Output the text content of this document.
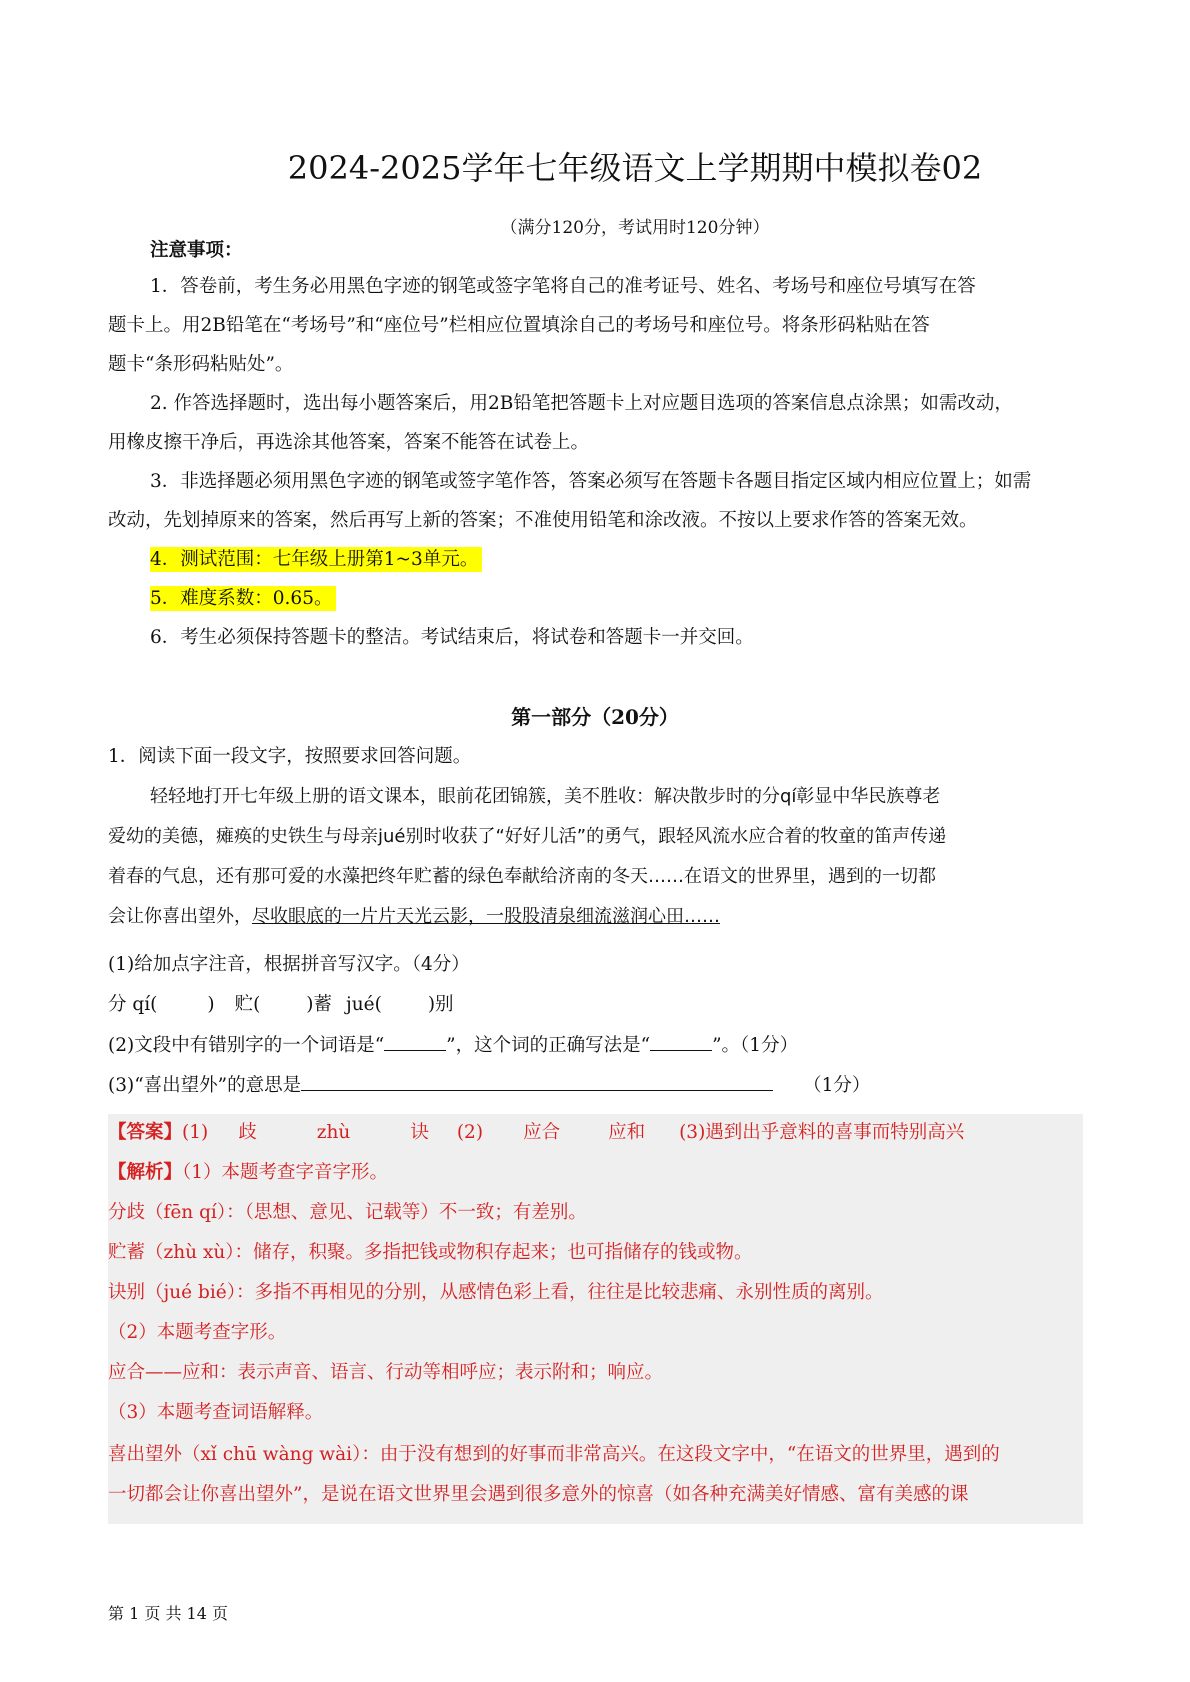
2024-2025学年七年级语文上学期期中模拟卷02
（满分120分，考试用时120分钟）
注意事项：
1．答卷前，考生务必用黑色字迹的钢笔或签字笔将自己的准考证号、姓名、考场号和座位号填写在答
题卡上。用2B铅笔在“考场号”和“座位号”栏相应位置填涂自己的考场号和座位号。将条形码粘贴在答
题卡“条形码粘贴处”。
2. 作答选择题时，选出每小题答案后，用2B铅笔把答题卡上对应题目选项的答案信息点涂黑；如需改动，
用橡皮擦干净后，再选涂其他答案，答案不能答在试卷上。
3．非选择题必须用黑色字迹的钢笔或签字笔作答，答案必须写在答题卡各题目指定区域内相应位置上；如需
改动，先划掉原来的答案，然后再写上新的答案；不准使用铅笔和涂改液。不按以上要求作答的答案无效。
4．测试范围：七年级上册第1~3单元。
5．难度系数：0.65。
6．考生必须保持答题卡的整洁。考试结束后，将试卷和答题卡一并交回。
第一部分（20分）
1．阅读下面一段文字，按照要求回答问题。
轻轻地打开七年级上册的语文课本，眼前花团锦簇，美不胜收：解决散步时的分qí彰显中华民族尊老
爱幼的美德，瘫痪的史铁生与母亲jué别时收获了“好好儿活”的勇气，跟轻风流水应合着的牧童的笛声传递
着春的气息，还有那可爱的水藻把终年贮蓄的绿色奉献给济南的冬天……在语文的世界里，遇到的一切都
会让你喜出望外，尽收眼底的一片片天光云影，一股股清泉细流滋润心田……
(1)给加点字注音，根据拼音写汉字。（4分）
分 qí(	) 贮( )蓄 jué( )别
(2)文段中有错别字的一个词语是“	”，这个词的正确写法是“	”。（1分）
(3)“喜出望外”的意思是	（1分）
【答案】(1) 歧	zhù	诀 (2) 应合	应和 (3)遇到出乎意料的喜事而特别高兴
【解析】（1）本题考查字音字形。
分歧（fēn qí）：（思想、意见、记载等）不一致；有差别。
贮蓄（zhù xù）：储存，积聚。多指把钱或物积存起来；也可指储存的钱或物。
诀别（jué bié）：多指不再相见的分别，从感情色彩上看，往往是比较悲痛、永别性质的离别。
（2）本题考查字形。
应合——应和：表示声音、语言、行动等相呼应；表示附和；响应。
（3）本题考查词语解释。
喜出望外（xǐ chū wàng wài）：由于没有想到的好事而非常高兴。在这段文字中，“在语文的世界里，遇到的
一切都会让你喜出望外”，是说在语文世界里会遇到很多意外的惊喜（如各种充满美好情感、富有美感的课
第 1 页 共 14 页
